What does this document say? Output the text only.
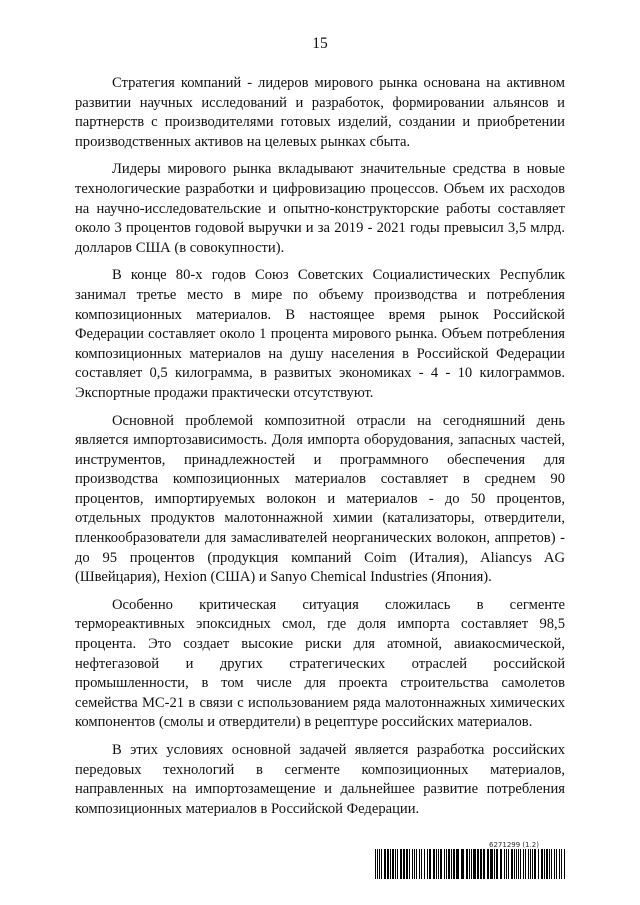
15

Стратегия компаний - лидеров мирового рынка основана на активном развитии научных исследований и разработок, формировании альянсов и партнерств с производителями готовых изделий, создании и приобретении производственных активов на целевых рынках сбыта.

Лидеры мирового рынка вкладывают значительные средства в новые технологические разработки и цифровизацию процессов. Объем их расходов на научно-исследовательские и опытно-конструкторские работы составляет около 3 процентов годовой выручки и за 2019 - 2021 годы превысил 3,5 млрд. долларов США (в совокупности).

В конце 80-х годов Союз Советских Социалистических Республик занимал третье место в мире по объему производства и потребления композиционных материалов. В настоящее время рынок Российской Федерации составляет около 1 процента мирового рынка. Объем потребления композиционных материалов на душу населения в Российской Федерации составляет 0,5 килограмма, в развитых экономиках - 4 - 10 килограммов. Экспортные продажи практически отсутствуют.

Основной проблемой композитной отрасли на сегодняшний день является импортозависимость. Доля импорта оборудования, запасных частей, инструментов, принадлежностей и программного обеспечения для производства композиционных материалов составляет в среднем 90 процентов, импортируемых волокон и материалов - до 50 процентов, отдельных продуктов малотоннажной химии (катализаторы, отвердители, пленкообразователи для замасливателей неорганических волокон, аппретов) - до 95 процентов (продукция компаний Coim (Италия), Aliancys AG (Швейцария), Hexion (США) и Sanyo Chemical Industries (Япония).

Особенно критическая ситуация сложилась в сегменте термореактивных эпоксидных смол, где доля импорта составляет 98,5 процента. Это создает высокие риски для атомной, авиакосмической, нефтегазовой и других стратегических отраслей российской промышленности, в том числе для проекта строительства самолетов семейства МС-21 в связи с использованием ряда малотоннажных химических компонентов (смолы и отвердители) в рецептуре российских материалов.

В этих условиях основной задачей является разработка российских передовых технологий в сегменте композиционных материалов, направленных на импортозамещение и дальнейшее развитие потребления композиционных материалов в Российской Федерации.

6271299 (1.2)
